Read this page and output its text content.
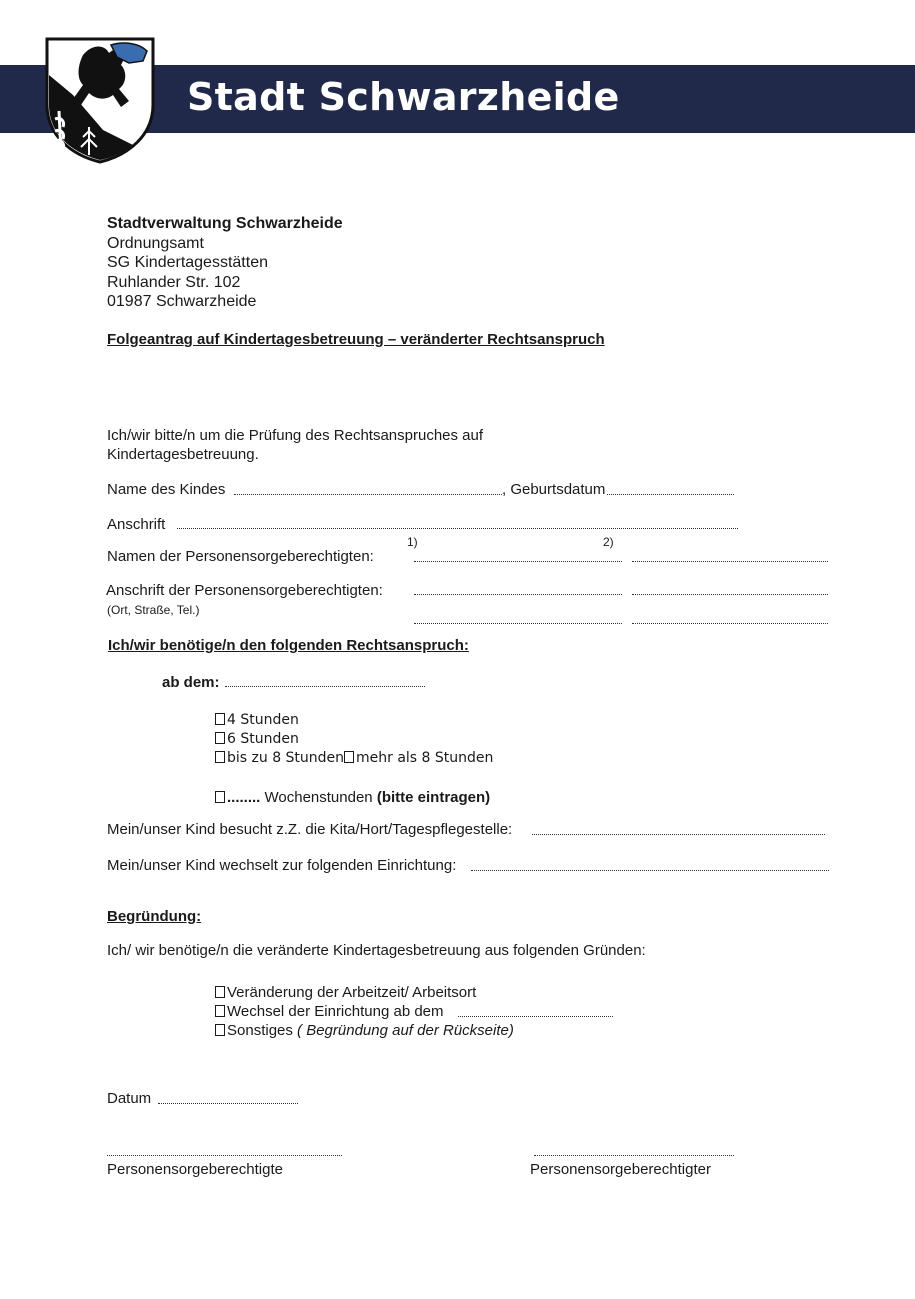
Stadt Schwarzheide
Stadtverwaltung Schwarzheide
Ordnungsamt
SG Kindertagesstätten
Ruhlander Str. 102
01987 Schwarzheide
Folgeantrag auf Kindertagesbetreuung – veränderter Rechtsanspruch
Ich/wir bitte/n um die Prüfung des Rechtsanspruches auf
Kindertagesbetreuung.
Name des Kindes	, Geburtsdatum
Anschrift
1)	2)
Namen der Personensorgeberechtigten:
Anschrift der Personensorgeberechtigten:
(Ort, Straße, Tel.)
Ich/wir benötige/n den folgenden Rechtsanspruch:
ab dem:
4 Stunden
6 Stunden
bis zu 8 Stunden mehr als 8 Stunden
........ Wochenstunden (bitte eintragen)
Mein/unser Kind besucht z.Z. die Kita/Hort/Tagespflegestelle:
Mein/unser Kind wechselt zur folgenden Einrichtung:
Begründung:
Ich/ wir benötige/n die veränderte Kindertagesbetreuung aus folgenden Gründen:
Veränderung der Arbeitzeit/ Arbeitsort
Wechsel der Einrichtung ab dem
Sonstiges ( Begründung auf der Rückseite)
Datum
Personensorgeberechtigte	Personensorgeberechtigter
